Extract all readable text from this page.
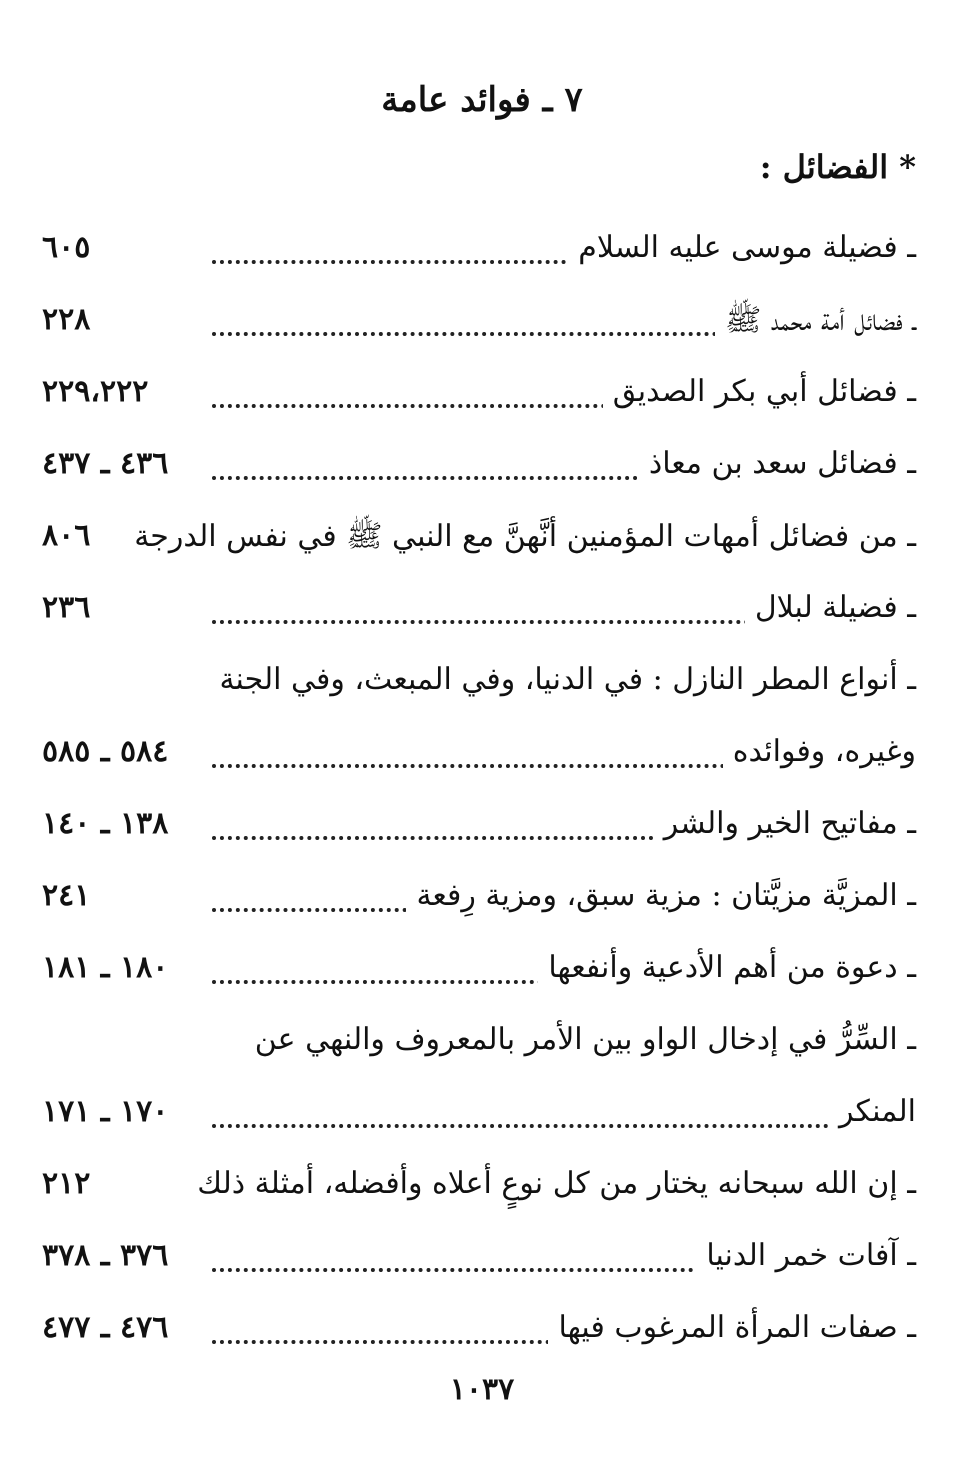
٧ ـ فوائد عامة
* الفضائل :
ـ فضيلة موسى عليه السلام
٦٠٥
ـ فضائل أمة محمد ﷺ
٢٢٨
ـ فضائل أبي بكر الصديق
٢٢٩،٢٢٢
ـ فضائل سعد بن معاذ
٤٣٦ ـ ٤٣٧
ـ من فضائل أمهات المؤمنين أنَّهنَّ مع النبي ﷺ في نفس الدرجة
٨٠٦
ـ فضيلة لبلال
٢٣٦
ـ أنواع المطر النازل : في الدنيا، وفي المبعث، وفي الجنة
وغيره، وفوائده
٥٨٤ ـ ٥٨٥
ـ مفاتيح الخير والشر
١٣٨ ـ ١٤٠
ـ المزيَّة مزيَّتان : مزية سبق، ومزية رِفعة
٢٤١
ـ دعوة من أهم الأدعية وأنفعها
١٨٠ ـ ١٨١
ـ السِّرُّ في إدخال الواو بين الأمر بالمعروف والنهي عن
المنكر
١٧٠ ـ ١٧١
ـ إن الله سبحانه يختار من كل نوعٍ أعلاه وأفضله، أمثلة ذلك
٢١٢
ـ آفات خمر الدنيا
٣٧٦ ـ ٣٧٨
ـ صفات المرأة المرغوب فيها
٤٧٦ ـ ٤٧٧
١٠٣٧
